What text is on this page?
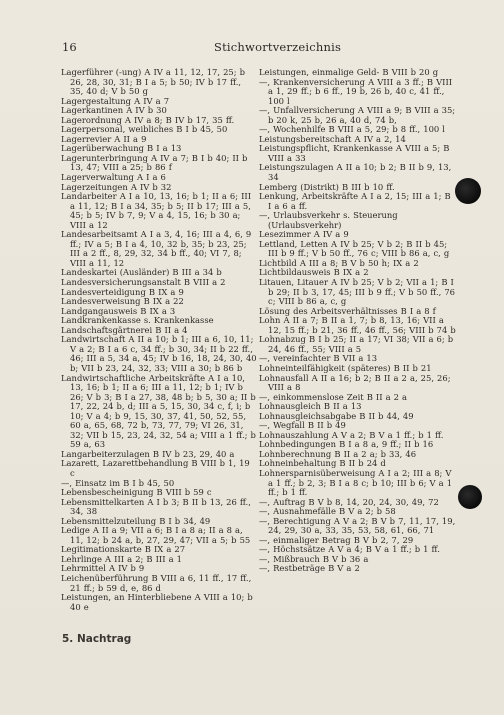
16	Stichwortverzeichnis

Lagerführer (-ung) A IV a 11, 12, 17, 25; b 26, 28, 30, 31; B I a 5; b 50; IV b 17 ff., 35, 40 d; V b 50 g

Lagergestaltung A IV a 7

Lagerkantinen A IV b 30

Lagerordnung A IV a 8; B IV b 17, 35 ff.

Lagerpersonal, weibliches B I b 45, 50

Lagerrevier A II a 9

Lagerüberwachung B I a 13

Lagerunterbringung A IV a 7; B I b 40; II b 13, 47; VIII a 25; b 86 f

Lagerverwaltung A I a 6

Lagerzeitungen A IV b 32

Landarbeiter A I a 10, 13, 16; b 1; II a 6; III a 11, 12; B I a 34, 35; b 5; II b 17; III a 5, 45; b 5; IV b 7, 9; V a 4, 15, 16; b 30 a; VIII a 12

Landesarbeitsamt A I a 3, 4, 16; III a 4, 6, 9 ff.; IV a 5; B I a 4, 10, 32 b, 35; b 23, 25; III a 2 ff., 8, 29, 32, 34 b ff., 40; VI 7, 8; VIII a 11, 12

Landeskartei (Ausländer) B III a 34 b

Landesversicherungsanstalt B VIII a 2

Landesverteidigung B IX a 9

Landesverweisung B IX a 22

Landgangausweis B IX a 3

Landkrankenkasse s. Krankenkasse

Landschaftsgärtnerei B II a 4

Landwirtschaft A II a 10; b 1; III a 6, 10, 11; V a 2; B I a 6 c, 34 ff.; b 30, 34; II b 22 ff., 46; III a 5, 34 a, 45; IV b 16, 18, 24, 30, 40 b; VII b 23, 24, 32, 33; VIII a 30; b 86 b

Landwirtschaftliche Arbeitskräfte A I a 10, 13, 16; b 1; II a 6; III a 11, 12; b 1; IV b 26; V b 3; B I a 27, 38, 48 b; b 5, 30 a; II b 17, 22, 24 b, d; III a 5, 15, 30, 34 c, f, i; b 10; V a 4; b 9, 15, 30, 37, 41, 50, 52, 55, 60 a, 65, 68, 72 b, 73, 77, 79; VI 26, 31, 32; VII b 15, 23, 24, 32, 54 a; VIII a 1 ff.; b 59 a, 63

Langarbeiterzulagen B IV b 23, 29, 40 a

Lazarett, Lazarettbehandlung B VIII b 1, 19 c

—, Einsatz im B I b 45, 50

Lebensbescheinigung B VIII b 59 c

Lebensmittelkarten A I b 3; B II b 13, 26 ff., 34, 38

Lebensmittelzuteilung B I b 34, 49

Ledige A II a 9; VII a 6; B I a 8 a; II a 8 a, 11, 12; b 24 a, b, 27, 29, 47; VII a 5; b 55

Legitimationskarte B IX a 27

Lehrlinge A III a 2; B III a 1

Lehrmittel A IV b 9

Leichenüberführung B VIII a 6, 11 ff., 17 ff., 21 ff.; b 59 d, e, 86 d

Leistungen, an Hinterbliebene A VIII a 10; b 40 e

Leistungen, einmalige Geld- B VIII b 20 g

—, Krankenversicherung A VIII a 3 ff.; B VIII a 1, 29 ff.; b 6 ff., 19 b, 26 b, 40 c, 41 ff., 100 l

—, Unfallversicherung A VIII a 9; B VIII a 35; b 20 k, 25 b, 26 a, 40 d, 74 b,

—, Wochenhilfe B VIII a 5, 29; b 8 ff., 100 l

Leistungsbereitschaft A IV a 2, 14

Leistungspflicht, Krankenkasse A VIII a 5; B VIII a 33

Leistungszulagen A II a 10; b 2; B II b 9, 13, 34

Lemberg (Distrikt) B III b 10 ff.

Lenkung, Arbeitskräfte A I a 2, 15; III a 1; B I a 6 a ff.

—, Urlaubsverkehr s. Steuerung (Urlaubsverkehr)

Lesezimmer A IV a 9

Lettland, Letten A IV b 25; V b 2; B II b 45; III b 9 ff.; V b 50 ff., 76 c; VIII b 86 a, c, g

Lichtbild A III a 8; B V b 50 h; IX a 2

Lichtbildausweis B IX a 2

Litauen, Litauer A IV b 25; V b 2; VII a 1; B I b 29; II b 3, 17, 45; III b 9 ff.; V b 50 ff., 76 c; VIII b 86 a, c, g

Lösung des Arbeitsverhältnisses B I a 8 f

Lohn A II a 7; B II a 1, 7; b 8, 13, 16; VII a 12, 15 ff.; b 21, 36 ff., 46 ff., 56; VIII b 74 b

Lohnabzug B I b 25; II a 17; VI 38; VII a 6; b 24, 46 ff., 55; VIII a 5

—, vereinfachter B VII a 13

Lohneinteilfähigkeit (späteres) B II b 21

Lohnausfall A II a 16; b 2; B II a 2 a, 25, 26; VIII a 8

—, einkommenslose Zeit B II a 2 a

Lohnausgleich B II a 13

Lohnausgleichsabgabe B II b 44, 49

—, Wegfall B II b 49

Lohnauszahlung A V a 2; B V a 1 ff.; b 1 ff.

Lohnbedingungen B I a 8 a, 9 ff.; II b 16

Lohnberechnung B II a 2 a; b 33, 46

Lohneinbehaltung B II b 24 d

Lohnersparnisüberweisung A I a 2; III a 8; V a 1 ff.; b 2, 3; B I a 8 c; b 10; III b 6; V a 1 ff.; b 1 ff.

—, Auftrag B V b 8, 14, 20, 24, 30, 49, 72

—, Ausnahmefälle B V a 2; b 58

—, Berechtigung A V a 2; B V b 7, 11, 17, 19, 24, 29, 30 a, 33, 35, 53, 58, 61, 66, 71

—, einmaliger Betrag B V b 2, 7, 29

—, Höchstsätze A V a 4; B V a 1 ff.; b 1 ff.

—, Mißbrauch B V b 36 a

—, Restbeträge B V a 2

5. Nachtrag
